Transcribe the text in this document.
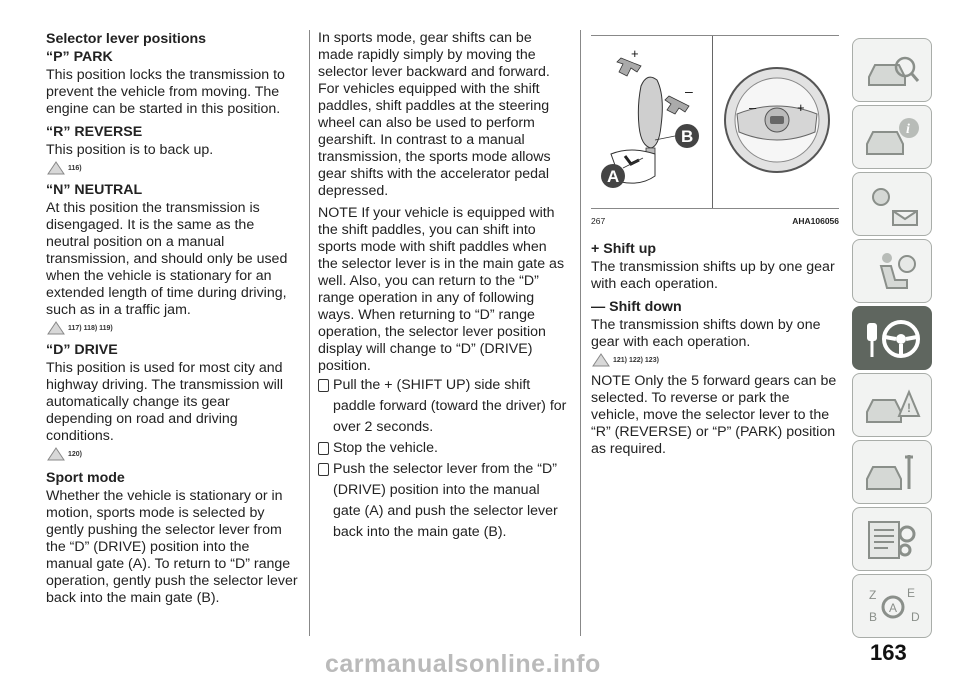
Selector lever positions

“P” PARK

This position locks the transmission to prevent the vehicle from moving. The engine can be started in this position.

“R” REVERSE

This position is to back up.

116)

“N” NEUTRAL

At this position the transmission is disengaged. It is the same as the neutral position on a manual transmission, and should only be used when the vehicle is stationary for an extended length of time during driving, such as in a traffic jam.

117) 118) 119)

“D” DRIVE

This position is used for most city and highway driving. The transmission will automatically change its gear depending on road and driving conditions.

120)

Sport mode

Whether the vehicle is stationary or in motion, sports mode is selected by gently pushing the selector lever from the “D” (DRIVE) position into the manual gate (A). To return to “D” range operation, gently push the selector lever back into the main gate (B).

In sports mode, gear shifts can be made rapidly simply by moving the selector lever backward and forward. For vehicles equipped with the shift paddles, shift paddles at the steering wheel can also be used to perform gearshift. In contrast to a manual transmission, the sports mode allows gear shifts with the accelerator pedal depressed.

NOTE If your vehicle is equipped with the shift paddles, you can shift into sports mode with shift paddles when the selector lever is in the main gate as well. Also, you can return to the “D” range operation in any of following ways. When returning to “D” range operation, the selector lever position display will change to “D” (DRIVE) position.

Pull the + (SHIFT UP) side shift paddle forward (toward the driver) for over 2 seconds.
Stop the vehicle.
Push the selector lever from the “D” (DRIVE) position into the manual gate (A) and push the selector lever back into the main gate (B).
+
–
A
B
–	+
267	AHA106056

+ Shift up

The transmission shifts up by one gear with each operation.

— Shift down

The transmission shifts down by one gear with each operation.

121) 122) 123)

NOTE Only the 5 forward gears can be selected. To reverse or park the vehicle, move the selector lever to the “R” (REVERSE) or “P” (PARK) position as required.

i
!
Z	E
B	D
A
163
carmanualsonline.info
